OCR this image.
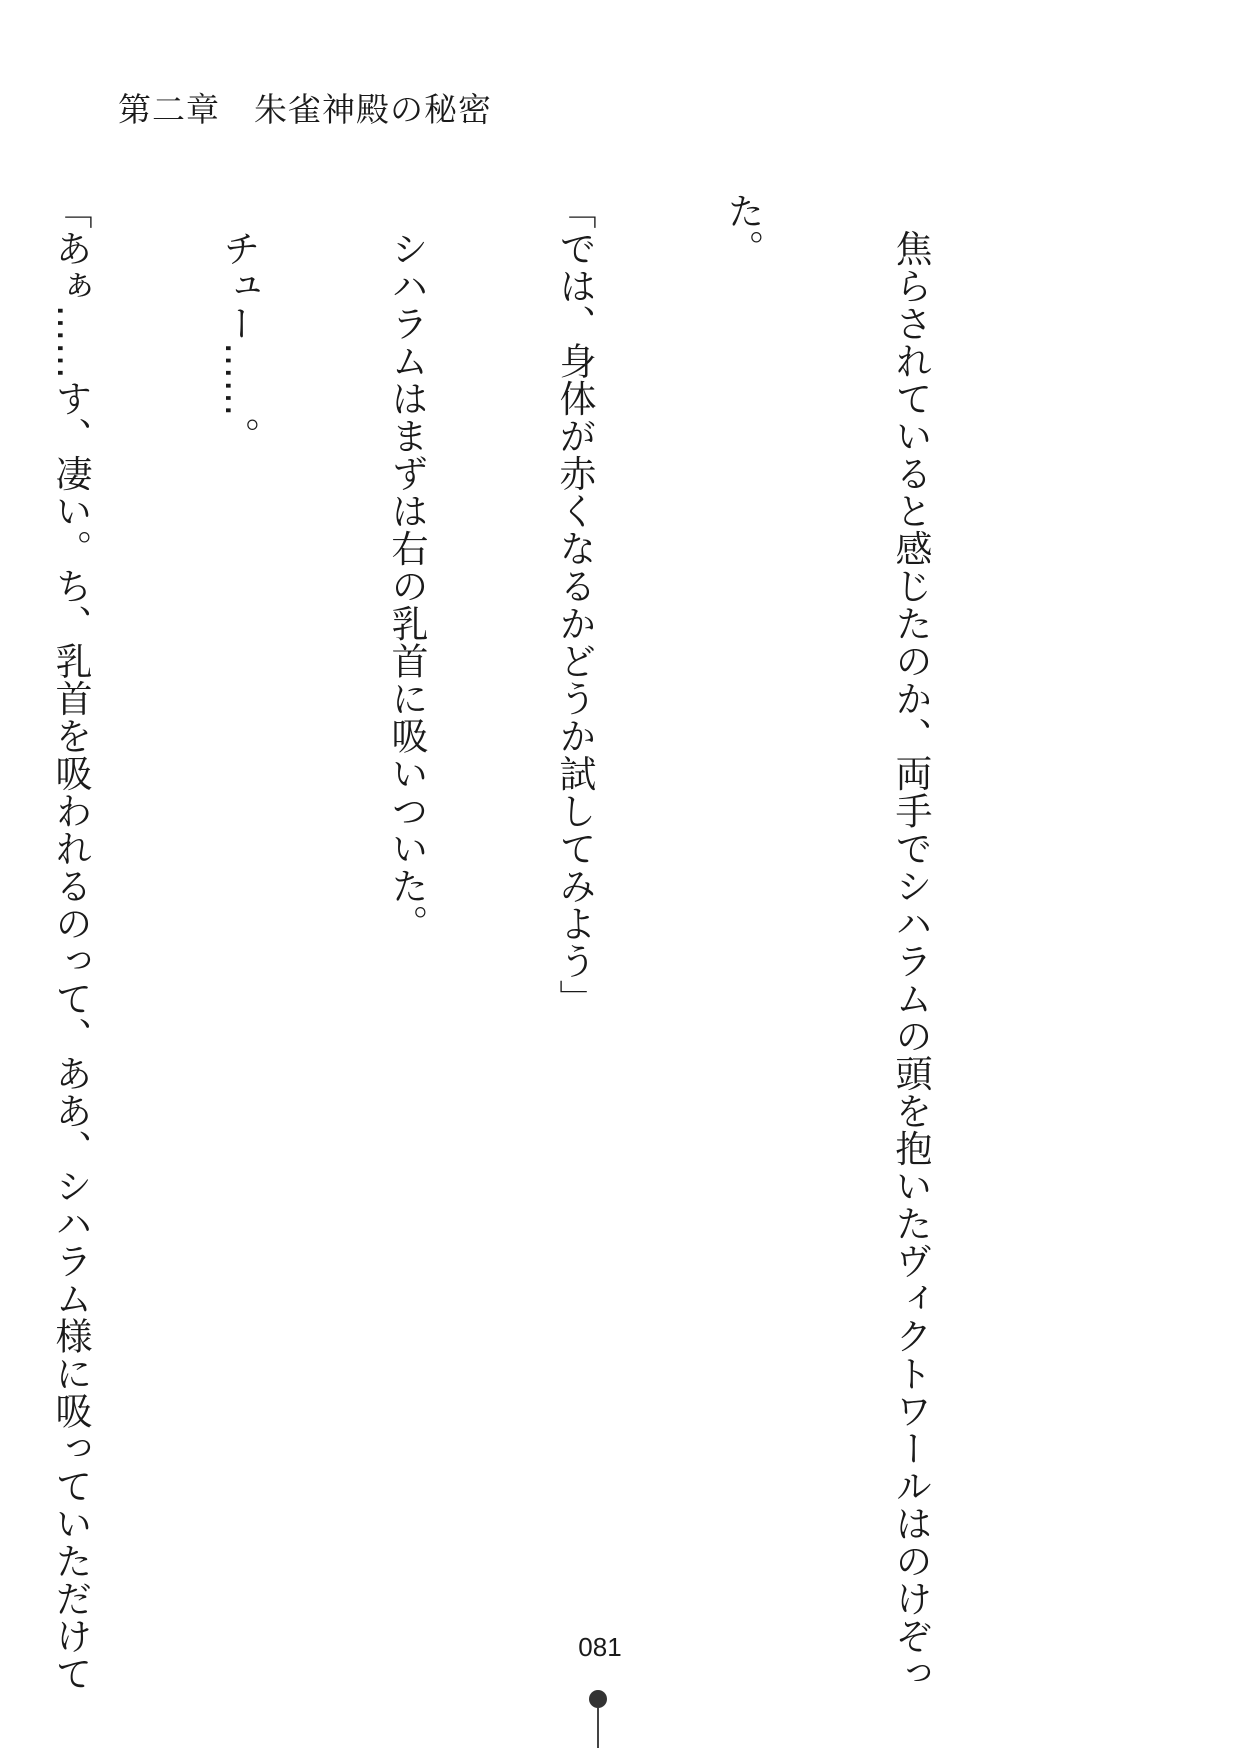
第二章　朱雀神殿の秘密

　焦らされていると感じたのか、両手でシハラムの頭を抱いたヴィクトワールはのけぞっ

た。

「では、身体が赤くなるかどうか試してみよう」

　シハラムはまずは右の乳首に吸いついた。

　チュー……。

「あぁ……す、凄い。ち、乳首を吸われるのって、ああ、シハラム様に吸っていただけて

	081
